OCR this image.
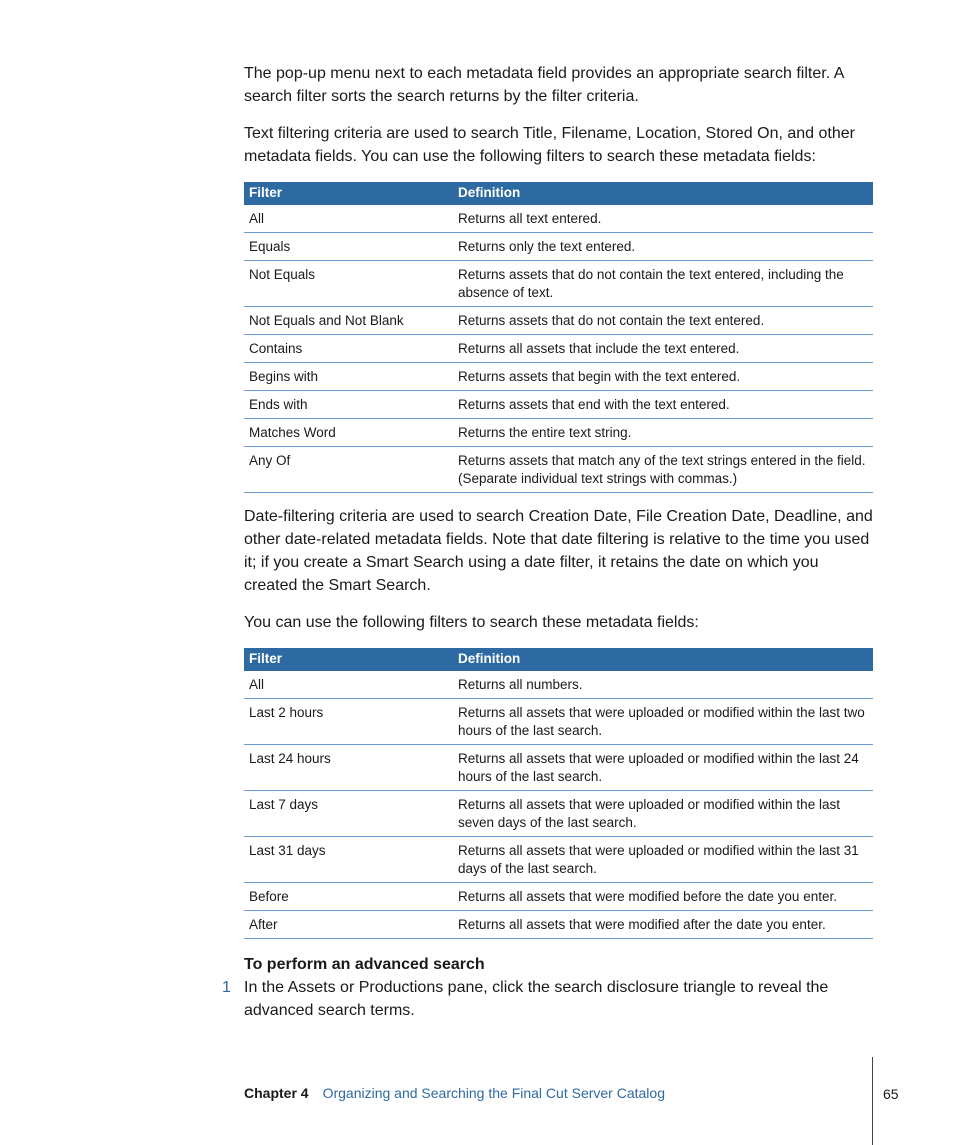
The pop-up menu next to each metadata field provides an appropriate search filter. A search filter sorts the search returns by the filter criteria.

Text filtering criteria are used to search Title, Filename, Location, Stored On, and other metadata fields. You can use the following filters to search these metadata fields:

Filter	Definition
All	Returns all text entered.
Equals	Returns only the text entered.
Not Equals	Returns assets that do not contain the text entered, including the absence of text.
Not Equals and Not Blank	Returns assets that do not contain the text entered.
Contains	Returns all assets that include the text entered.
Begins with	Returns assets that begin with the text entered.
Ends with	Returns assets that end with the text entered.
Matches Word	Returns the entire text string.
Any Of	Returns assets that match any of the text strings entered in the field. (Separate individual text strings with commas.)

Date-filtering criteria are used to search Creation Date, File Creation Date, Deadline, and other date-related metadata fields. Note that date filtering is relative to the time you used it; if you create a Smart Search using a date filter, it retains the date on which you created the Smart Search.

You can use the following filters to search these metadata fields:

Filter	Definition
All	Returns all numbers.
Last 2 hours	Returns all assets that were uploaded or modified within the last two hours of the last search.
Last 24 hours	Returns all assets that were uploaded or modified within the last 24 hours of the last search.
Last 7 days	Returns all assets that were uploaded or modified within the last seven days of the last search.
Last 31 days	Returns all assets that were uploaded or modified within the last 31 days of the last search.
Before	Returns all assets that were modified before the date you enter.
After	Returns all assets that were modified after the date you enter.
To perform an advanced search
1 In the Assets or Productions pane, click the search disclosure triangle to reveal the advanced search terms.
Chapter 4 Organizing and Searching the Final Cut Server Catalog	65
